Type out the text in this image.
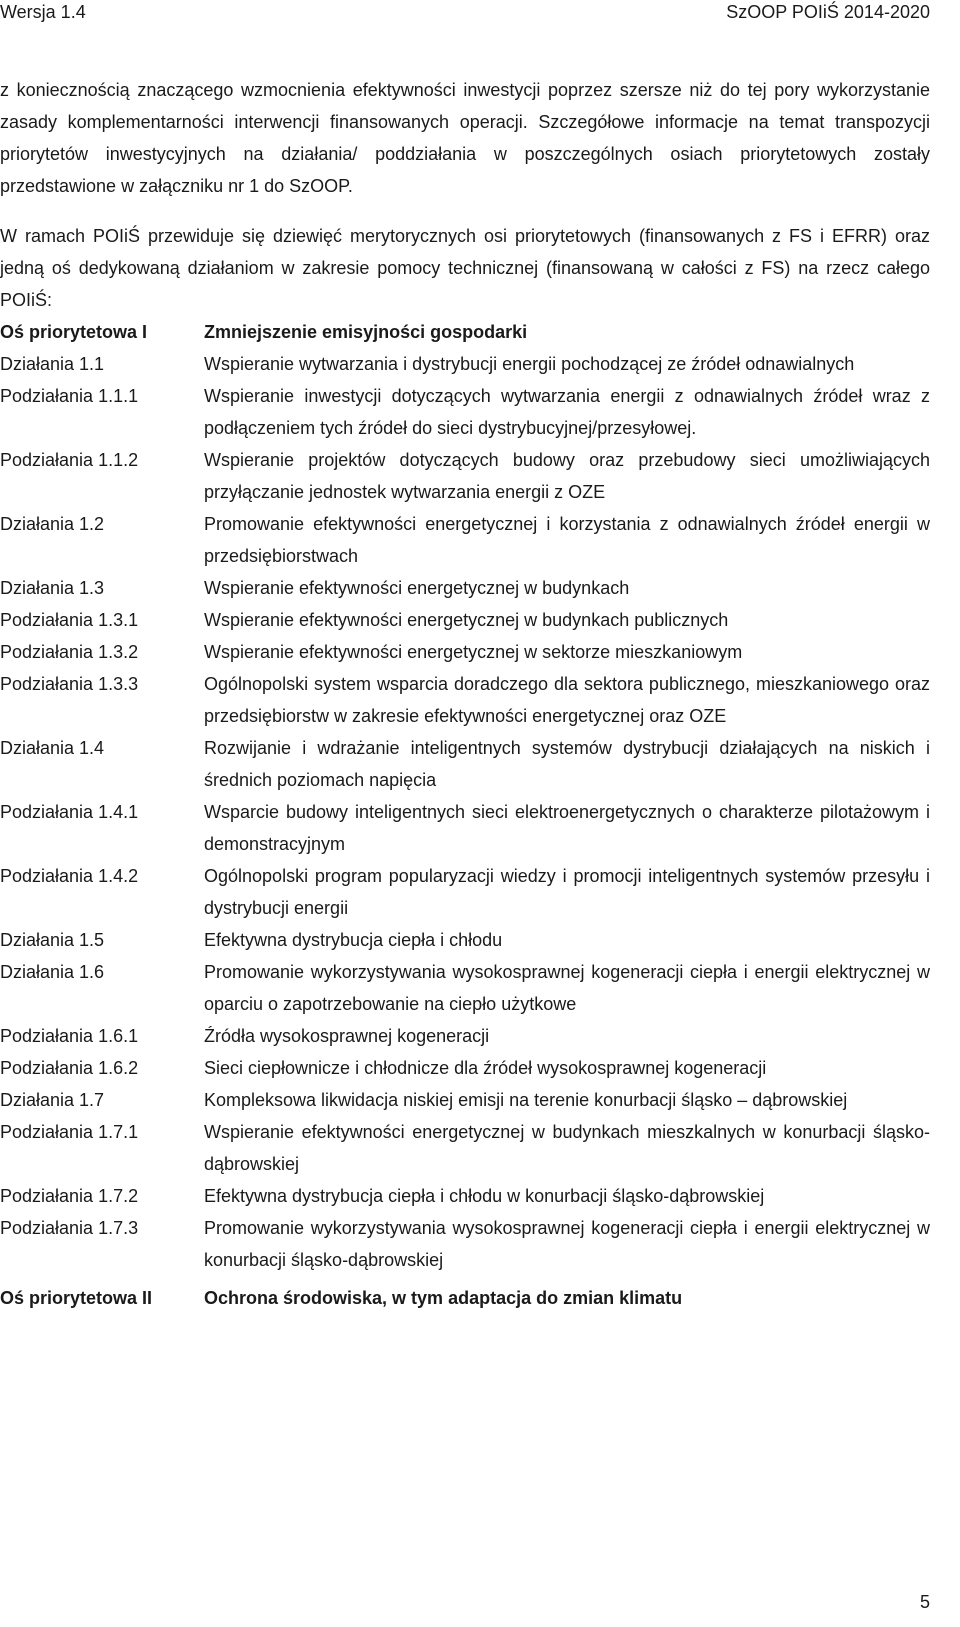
Wersja 1.4	SzOOP POIiŚ 2014-2020

z koniecznością znaczącego wzmocnienia efektywności inwestycji poprzez szersze niż do tej pory wykorzystanie zasady komplementarności interwencji finansowanych operacji. Szczegółowe informacje na temat transpozycji priorytetów inwestycyjnych na działania/ poddziałania w poszczególnych osiach priorytetowych zostały przedstawione w załączniku nr 1 do SzOOP.

W ramach POIiŚ przewiduje się dziewięć merytorycznych osi priorytetowych (finansowanych z FS i EFRR) oraz jedną oś dedykowaną działaniom w zakresie pomocy technicznej (finansowaną w całości z FS) na rzecz całego POIiŚ:

Oś priorytetowa I	Zmniejszenie emisyjności gospodarki
Działania 1.1	Wspieranie wytwarzania i dystrybucji energii pochodzącej ze źródeł odnawialnych
Podziałania 1.1.1	Wspieranie inwestycji dotyczących wytwarzania energii z odnawialnych źródeł wraz z podłączeniem tych źródeł do sieci dystrybucyjnej/przesyłowej.
Podziałania 1.1.2	Wspieranie projektów dotyczących budowy oraz przebudowy sieci umożliwiających przyłączanie jednostek wytwarzania energii z OZE
Działania 1.2	Promowanie efektywności energetycznej i korzystania z odnawialnych źródeł energii w przedsiębiorstwach
Działania 1.3	Wspieranie efektywności energetycznej w budynkach
Podziałania 1.3.1	Wspieranie efektywności energetycznej w budynkach publicznych
Podziałania 1.3.2	Wspieranie efektywności energetycznej w sektorze mieszkaniowym
Podziałania 1.3.3	Ogólnopolski system wsparcia doradczego dla sektora publicznego, mieszkaniowego oraz przedsiębiorstw w zakresie efektywności energetycznej oraz OZE
Działania 1.4	Rozwijanie i wdrażanie inteligentnych systemów dystrybucji działających na niskich i średnich poziomach napięcia
Podziałania 1.4.1	Wsparcie budowy inteligentnych sieci elektroenergetycznych o charakterze pilotażowym i demonstracyjnym
Podziałania 1.4.2	Ogólnopolski program popularyzacji wiedzy i promocji inteligentnych systemów przesyłu i dystrybucji energii
Działania 1.5	Efektywna dystrybucja ciepła i chłodu
Działania 1.6	Promowanie wykorzystywania wysokosprawnej kogeneracji ciepła i energii elektrycznej w oparciu o zapotrzebowanie na ciepło użytkowe
Podziałania 1.6.1	Źródła wysokosprawnej kogeneracji
Podziałania 1.6.2	Sieci ciepłownicze i chłodnicze dla źródeł wysokosprawnej kogeneracji
Działania 1.7	Kompleksowa likwidacja niskiej emisji na terenie konurbacji śląsko – dąbrowskiej
Podziałania 1.7.1	Wspieranie efektywności energetycznej w budynkach mieszkalnych w konurbacji śląsko-dąbrowskiej
Podziałania 1.7.2	Efektywna dystrybucja ciepła i chłodu w konurbacji śląsko-dąbrowskiej
Podziałania 1.7.3	Promowanie wykorzystywania wysokosprawnej kogeneracji ciepła i energii elektrycznej w konurbacji śląsko-dąbrowskiej
Oś priorytetowa II	Ochrona środowiska, w tym adaptacja do zmian klimatu
5
